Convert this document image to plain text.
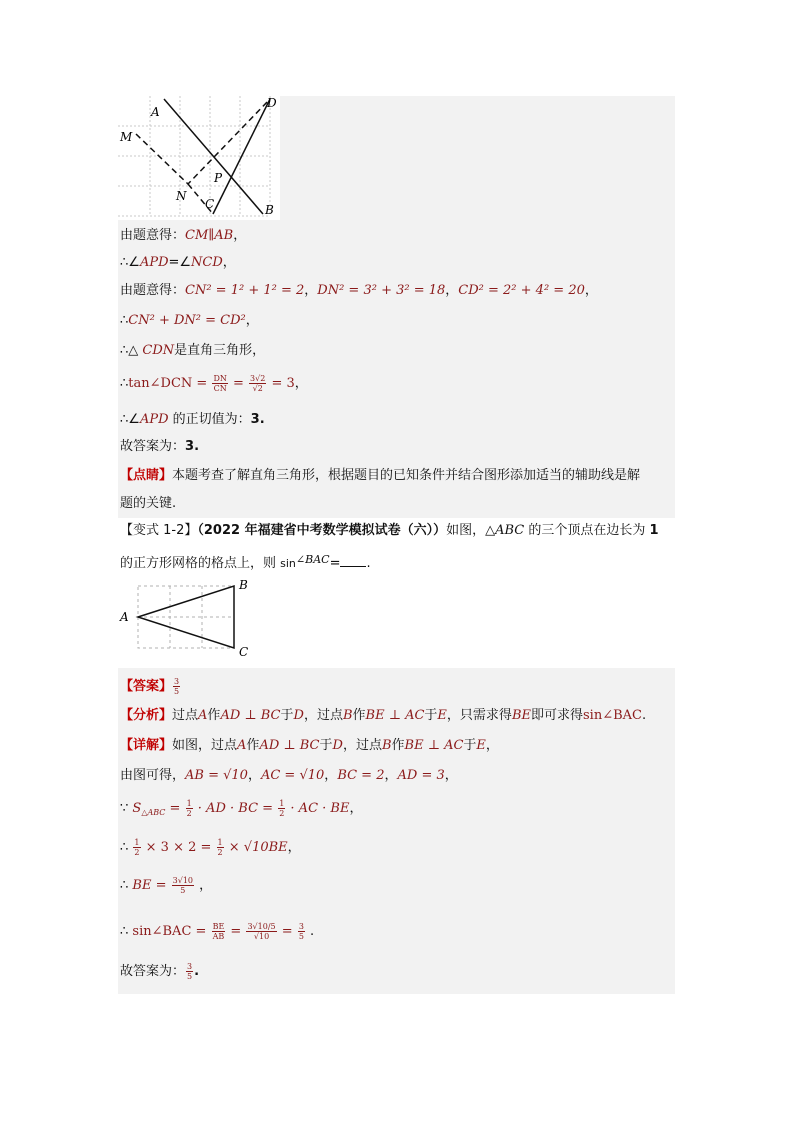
A
B
C
D
M
N
P
由题意得：CM∥AB，
∴∠APD=∠NCD，
由题意得：CN² = 1² + 1² = 2，DN² = 3² + 3² = 18，CD² = 2² + 4² = 20，
∴CN² + DN² = CD²，
∴△ CDN是直角三角形，
∴tan∠DCN = $\frac{DN}{CN} = \frac{3√2}{√2} = 3$，
∴∠APD 的正切值为：3.
故答案为：3.
【点睛】本题考查了解直角三角形，根据题目的已知条件并结合图形添加适当的辅助线是解
题的关键.
【变式 1-2】（2022 年福建省中考数学模拟试卷（六））如图，△ABC 的三个顶点在边长为 1
的正方形网格的格点上，则 $\sin^{\angle BAC}=$ .
A
B
C
【答案】 $\frac{3}{5}$
【分析】过点A作AD ⊥ BC于D，过点B作BE ⊥ AC于E，只需求得BE即可求得sin∠BAC.
【详解】如图，过点A作AD ⊥ BC于D，过点B作BE ⊥ AC于E，
由图可得，AB = √10，AC = √10，BC = 2，AD = 3，
∵ $S_{\triangle ABC} = \frac{1}{2}$ · AD · BC = $\frac{1}{2}$ · AC · BE，
∴ $\frac{1}{2} \times 3 \times 2 = \frac{1}{2} \times √10BE$，
∴ BE = $\frac{3√10}{5}$ ，
∴ sin∠BAC = $\frac{BE}{AB} = \frac{3√10/5}{√10} = \frac{3}{5}$ .
故答案为： $\frac{3}{5}$ .
